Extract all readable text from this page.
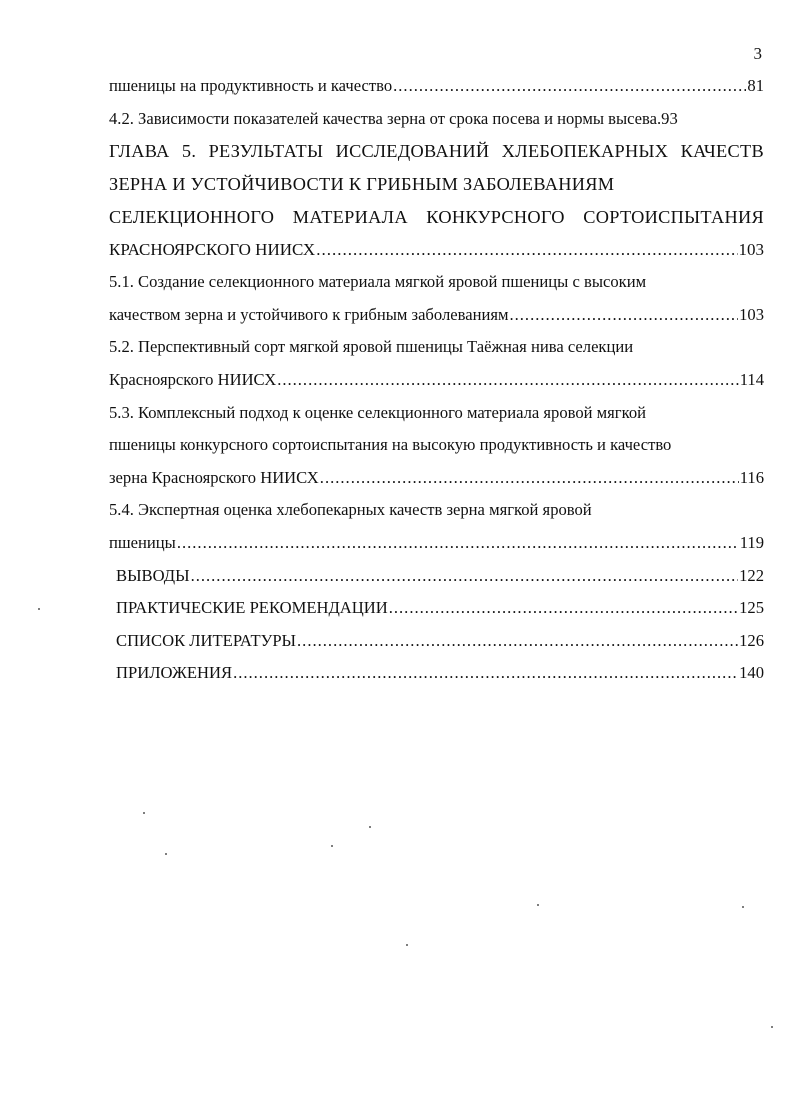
3
пшеницы на продуктивность и качество .....	81
4.2. Зависимости показателей качества зерна от срока посева и нормы высева.93
ГЛАВА 5. РЕЗУЛЬТАТЫ ИССЛЕДОВАНИЙ ХЛЕБОПЕКАРНЫХ КАЧЕСТВ
ЗЕРНА И УСТОЙЧИВОСТИ К ГРИБНЫМ ЗАБОЛЕВАНИЯМ
СЕЛЕКЦИОННОГО МАТЕРИАЛА КОНКУРСНОГО СОРТОИСПЫТАНИЯ
КРАСНОЯРСКОГО НИИСХ .....	103
5.1. Создание селекционного материала мягкой яровой пшеницы с высоким
качеством зерна и устойчивого к грибным заболеваниям .....	103
5.2. Перспективный сорт мягкой яровой пшеницы Таёжная нива селекции
Красноярского НИИСХ .....	114
5.3. Комплексный подход к оценке селекционного материала яровой мягкой
пшеницы конкурсного сортоиспытания на высокую продуктивность и качество
зерна Красноярского НИИСХ .....	116
5.4. Экспертная оценка хлебопекарных качеств зерна мягкой яровой
пшеницы .....	119
ВЫВОДЫ .....	122
ПРАКТИЧЕСКИЕ РЕКОМЕНДАЦИИ .....	125
СПИСОК ЛИТЕРАТУРЫ .....	126
ПРИЛОЖЕНИЯ .....	140
